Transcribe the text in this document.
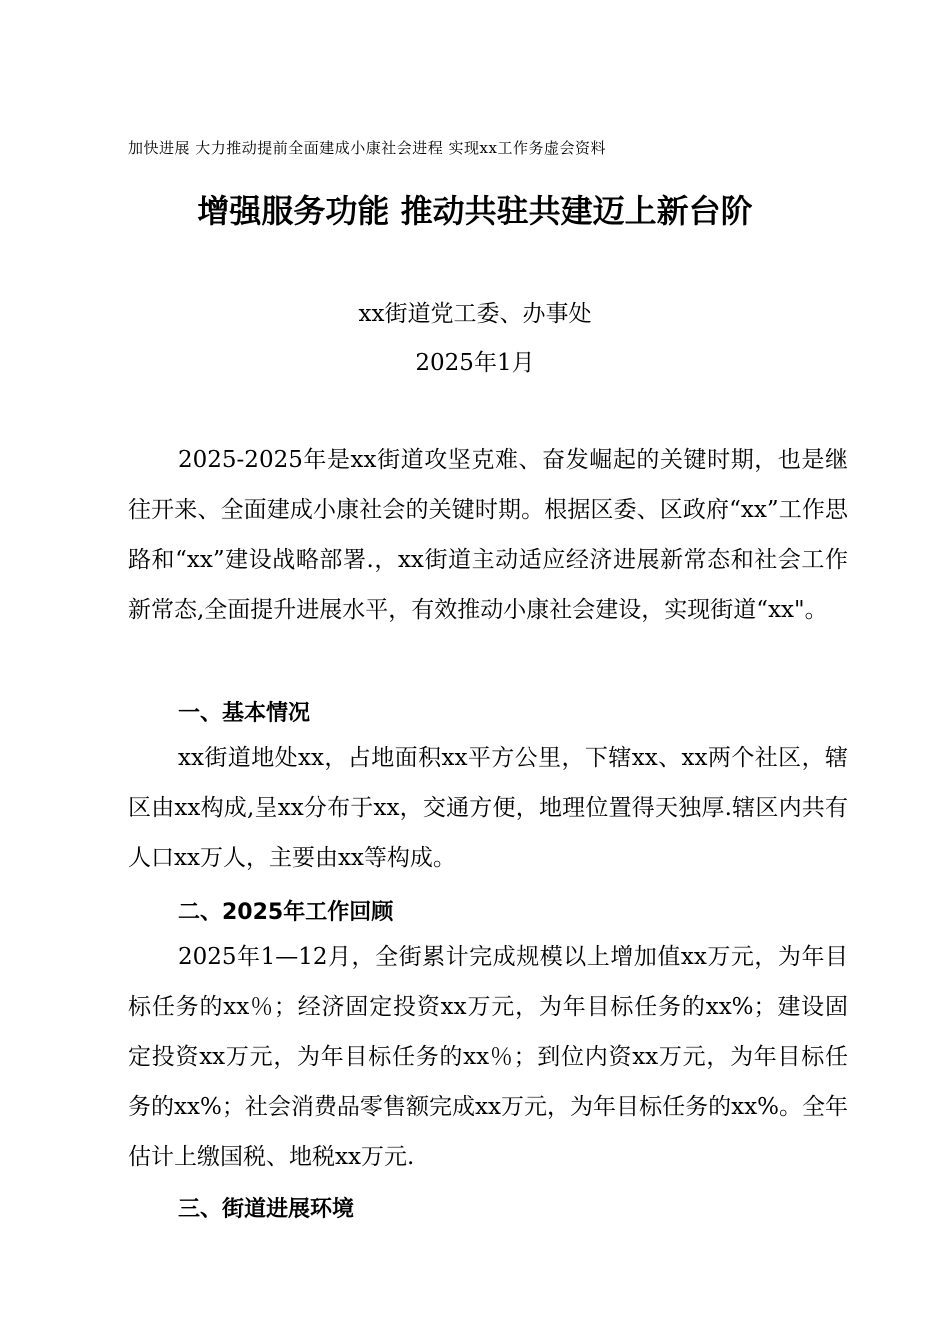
加快进展 大力推动提前全面建成小康社会进程 实现xx工作务虚会资料
增强服务功能 推动共驻共建迈上新台阶
xx街道党工委、办事处
2025年1月

2025-2025年是xx街道攻坚克难、奋发崛起的关键时期，也是继往开来、全面建成小康社会的关键时期。根据区委、区政府“xx”工作思路和“xx”建设战略部署.，xx街道主动适应经济进展新常态和社会工作新常态,全面提升进展水平，有效推动小康社会建设，实现街道“xx"。

一、基本情况

xx街道地处xx，占地面积xx平方公里，下辖xx、xx两个社区，辖区由xx构成,呈xx分布于xx，交通方便，地理位置得天独厚.辖区内共有人口xx万人，主要由xx等构成。

二、2025年工作回顾

2025年1—12月，全街累计完成规模以上增加值xx万元，为年目标任务的xx％；经济固定投资xx万元，为年目标任务的xx%；建设固定投资xx万元，为年目标任务的xx％；到位内资xx万元，为年目标任务的xx%；社会消费品零售额完成xx万元，为年目标任务的xx%。全年估计上缴国税、地税xx万元.

三、街道进展环境
